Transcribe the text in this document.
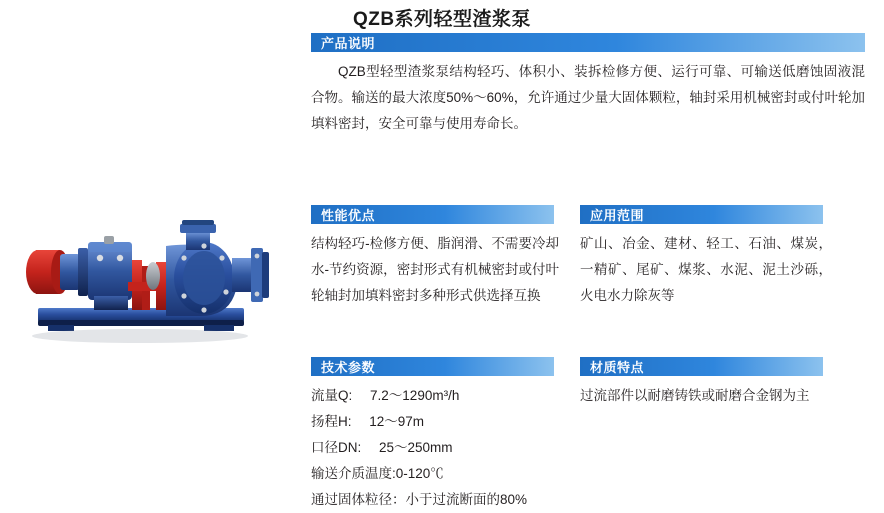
QZB系列轻型渣浆泵
产品说明
QZB型轻型渣浆泵结构轻巧、体积小、装拆检修方便、运行可靠、可输送低磨蚀固液混合物。输送的最大浓度50%～60%，允许通过少量大固体颗粒，轴封采用机械密封或付叶轮加填料密封，安全可靠与使用寿命长。
性能优点
结构轻巧-检修方便、脂润滑、不需要冷却水-节约资源，密封形式有机械密封或付叶轮轴封加填料密封多种形式供选择互换
应用范围
矿山、冶金、建材、轻工、石油、煤炭，一精矿、尾矿、煤浆、水泥、泥土沙砾，火电水力除灰等
技术参数
流量Q: 7.2～1290m³/h
扬程H: 12～97m
口径DN: 25～250mm
输送介质温度:0-120℃
通过固体粒径：小于过流断面的80%
材质特点
过流部件以耐磨铸铁或耐磨合金钢为主
